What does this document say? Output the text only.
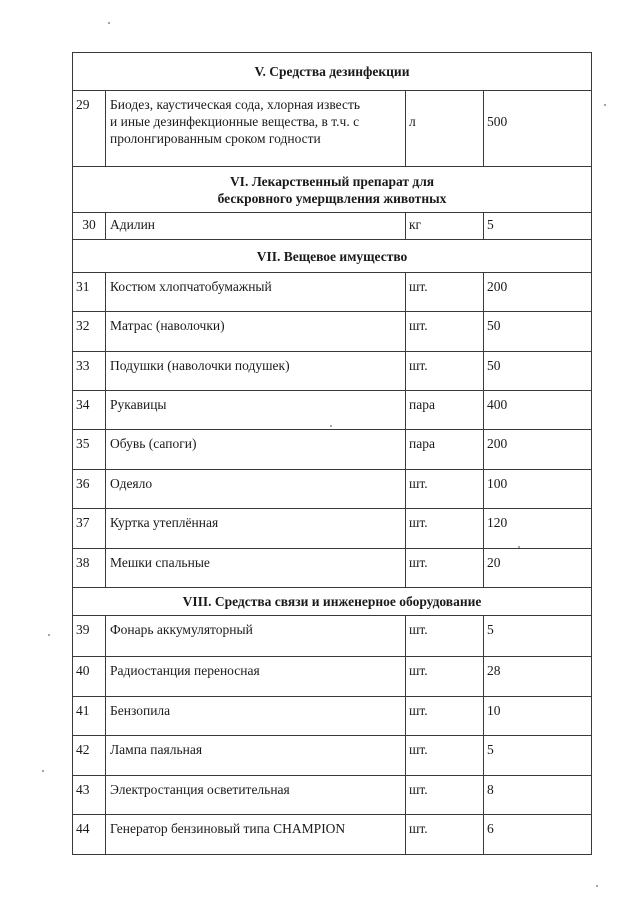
V. Средства дезинфекции			
29	Биодез, каустическая сода, хлорная известь
и иные дезинфекционные вещества, в т.ч. с
пролонгированным сроком годности	л	500

VI. Лекарственный препарат для
бескровного умерщвления животных			

30	Адилин	кг	5
VII. Вещевое имущество			
31	Костюм хлопчатобумажный	шт.	200
32	Матрас (наволочки)	шт.	50
33	Подушки (наволочки подушек)	шт.	50
34	Рукавицы	пара	400
35	Обувь (сапоги)	пара	200
36	Одеяло	шт.	100
37	Куртка утеплённая	шт.	120
38	Мешки спальные	шт.	20
VIII. Средства связи и инженерное оборудование			
39	Фонарь аккумуляторный	шт.	5
40	Радиостанция переносная	шт.	28
41	Бензопила	шт.	10
42	Лампа паяльная	шт.	5
43	Электростанция осветительная	шт.	8
44	Генератор бензиновый типа CHAMPION	шт.	6
